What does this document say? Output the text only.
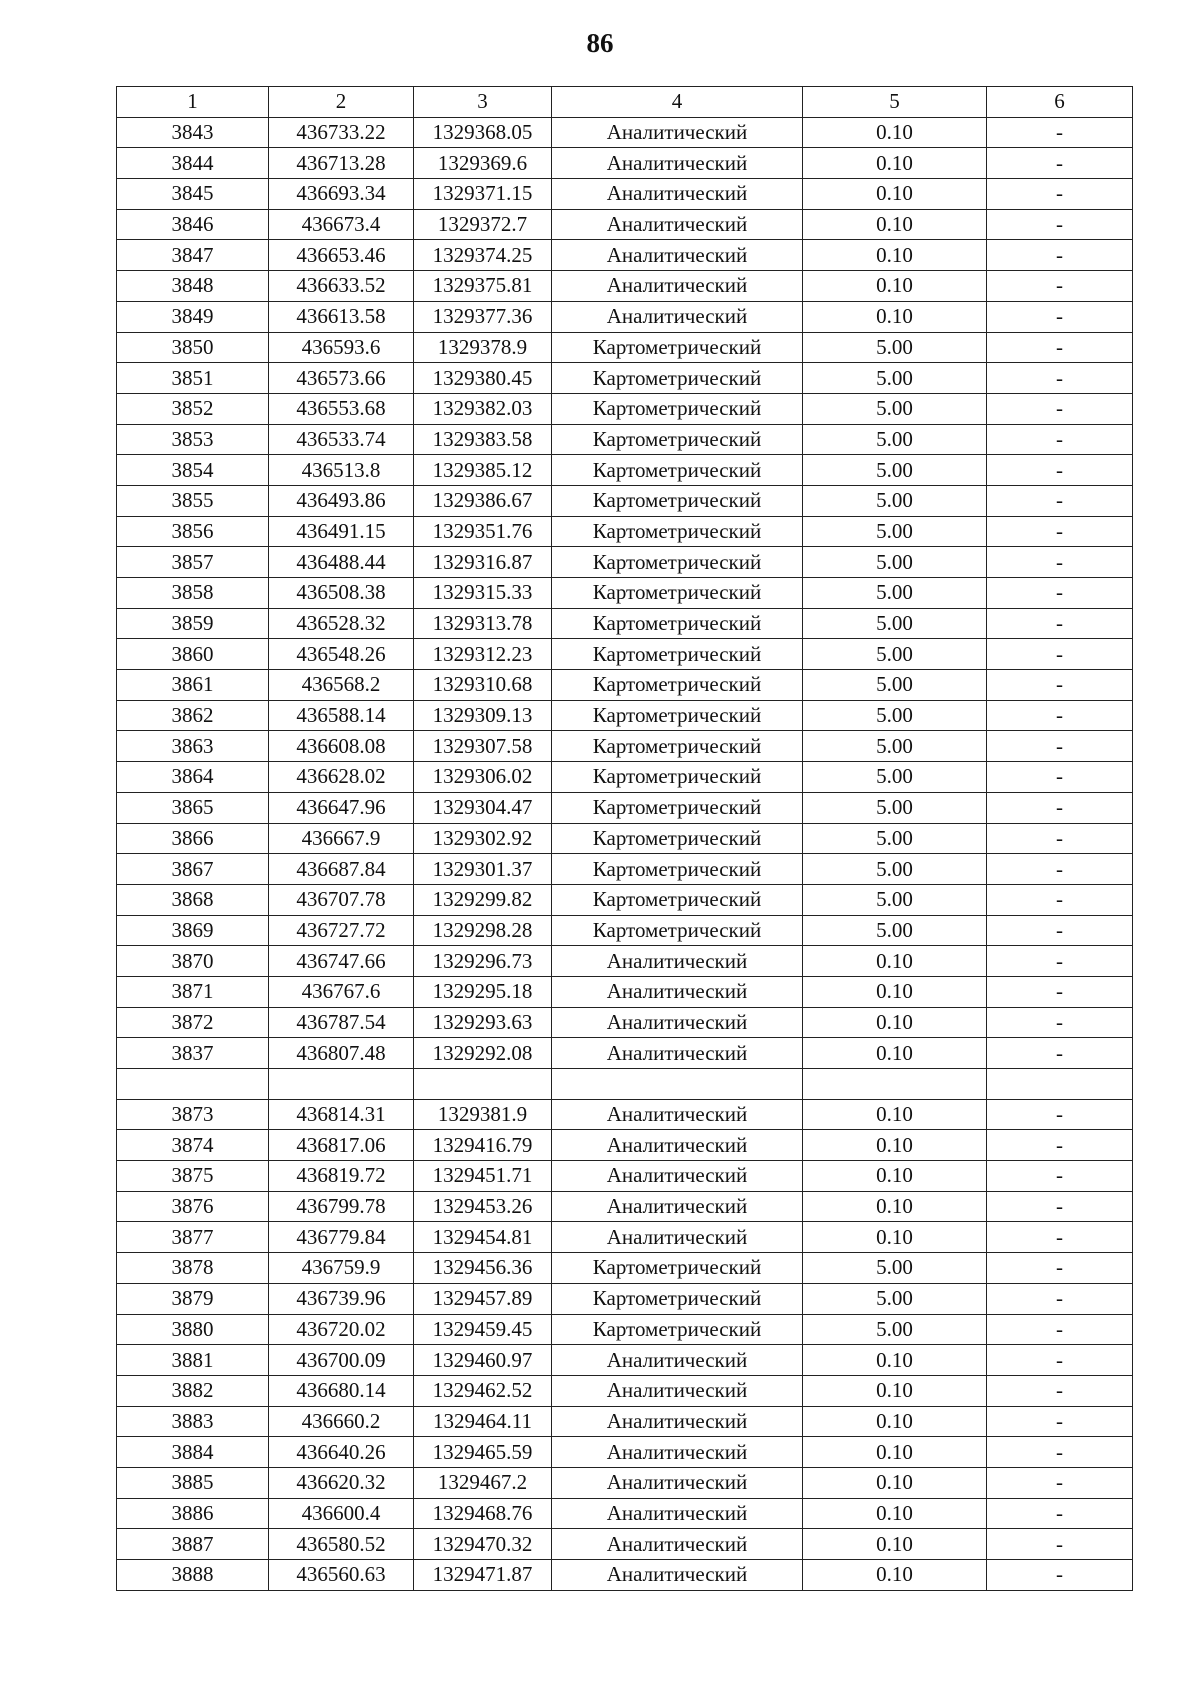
86
1	2	3	4	5	6
3843	436733.22	1329368.05	Аналитический	0.10	-
3844	436713.28	1329369.6	Аналитический	0.10	-
3845	436693.34	1329371.15	Аналитический	0.10	-
3846	436673.4	1329372.7	Аналитический	0.10	-
3847	436653.46	1329374.25	Аналитический	0.10	-
3848	436633.52	1329375.81	Аналитический	0.10	-
3849	436613.58	1329377.36	Аналитический	0.10	-
3850	436593.6	1329378.9	Картометрический	5.00	-
3851	436573.66	1329380.45	Картометрический	5.00	-
3852	436553.68	1329382.03	Картометрический	5.00	-
3853	436533.74	1329383.58	Картометрический	5.00	-
3854	436513.8	1329385.12	Картометрический	5.00	-
3855	436493.86	1329386.67	Картометрический	5.00	-
3856	436491.15	1329351.76	Картометрический	5.00	-
3857	436488.44	1329316.87	Картометрический	5.00	-
3858	436508.38	1329315.33	Картометрический	5.00	-
3859	436528.32	1329313.78	Картометрический	5.00	-
3860	436548.26	1329312.23	Картометрический	5.00	-
3861	436568.2	1329310.68	Картометрический	5.00	-
3862	436588.14	1329309.13	Картометрический	5.00	-
3863	436608.08	1329307.58	Картометрический	5.00	-
3864	436628.02	1329306.02	Картометрический	5.00	-
3865	436647.96	1329304.47	Картометрический	5.00	-
3866	436667.9	1329302.92	Картометрический	5.00	-
3867	436687.84	1329301.37	Картометрический	5.00	-
3868	436707.78	1329299.82	Картометрический	5.00	-
3869	436727.72	1329298.28	Картометрический	5.00	-
3870	436747.66	1329296.73	Аналитический	0.10	-
3871	436767.6	1329295.18	Аналитический	0.10	-
3872	436787.54	1329293.63	Аналитический	0.10	-
3837	436807.48	1329292.08	Аналитический	0.10	-

3873	436814.31	1329381.9	Аналитический	0.10	-
3874	436817.06	1329416.79	Аналитический	0.10	-
3875	436819.72	1329451.71	Аналитический	0.10	-
3876	436799.78	1329453.26	Аналитический	0.10	-
3877	436779.84	1329454.81	Аналитический	0.10	-
3878	436759.9	1329456.36	Картометрический	5.00	-
3879	436739.96	1329457.89	Картометрический	5.00	-
3880	436720.02	1329459.45	Картометрический	5.00	-
3881	436700.09	1329460.97	Аналитический	0.10	-
3882	436680.14	1329462.52	Аналитический	0.10	-
3883	436660.2	1329464.11	Аналитический	0.10	-
3884	436640.26	1329465.59	Аналитический	0.10	-
3885	436620.32	1329467.2	Аналитический	0.10	-
3886	436600.4	1329468.76	Аналитический	0.10	-
3887	436580.52	1329470.32	Аналитический	0.10	-
3888	436560.63	1329471.87	Аналитический	0.10	-
